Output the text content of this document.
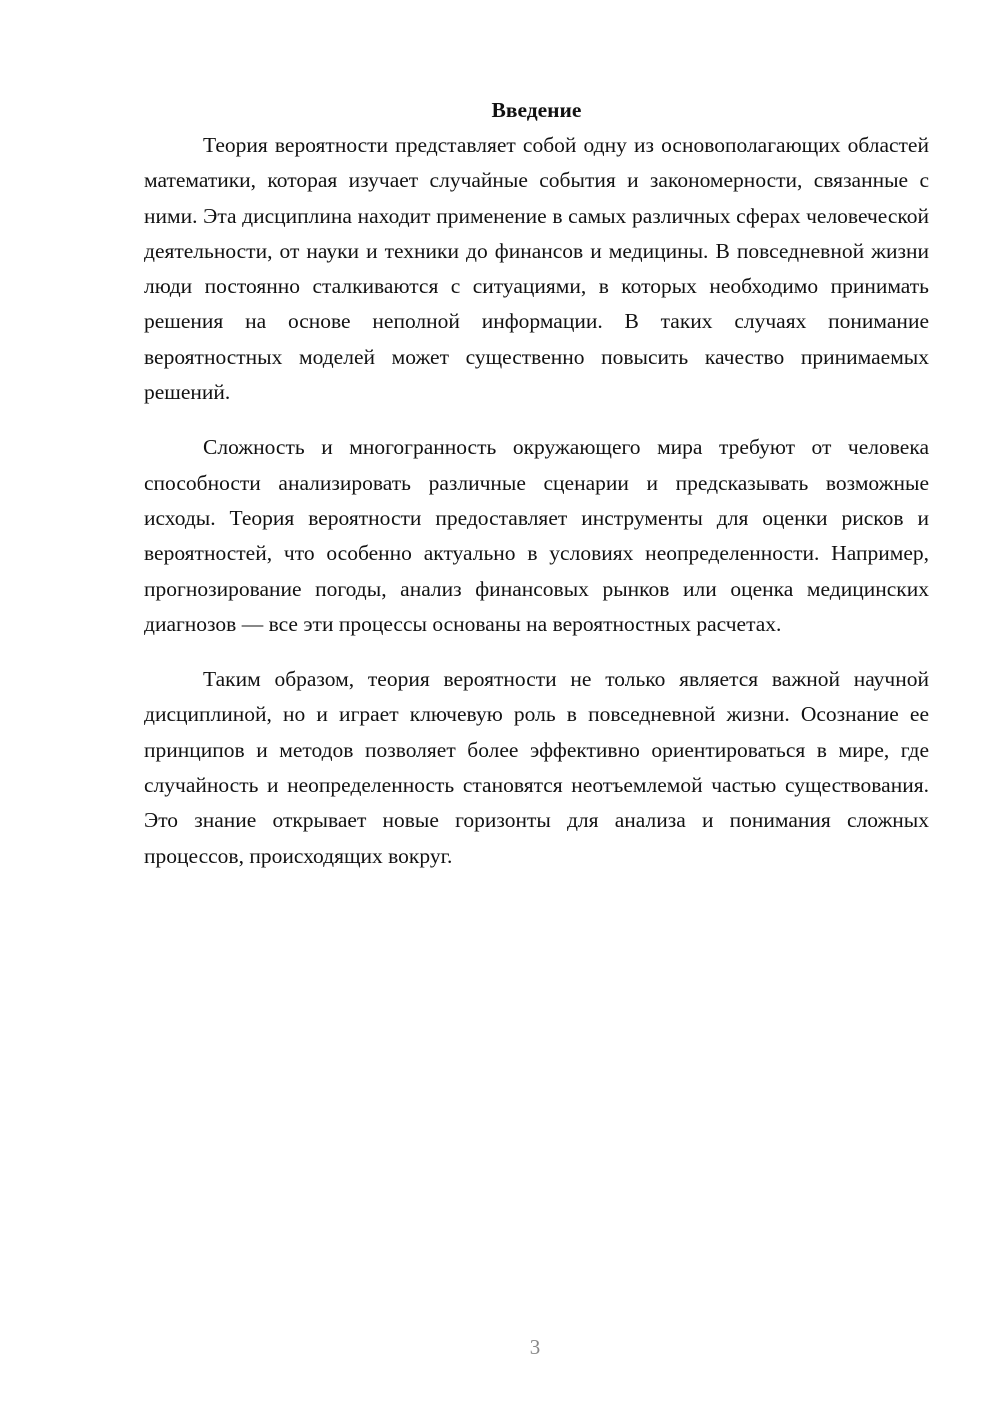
Введение

Теория вероятности представляет собой одну из основополагающих областей математики, которая изучает случайные события и закономерности, связанные с ними. Эта дисциплина находит применение в самых различных сферах человеческой деятельности, от науки и техники до финансов и медицины. В повседневной жизни люди постоянно сталкиваются с ситуациями, в которых необходимо принимать решения на основе неполной информации. В таких случаях понимание вероятностных моделей может существенно повысить качество принимаемых решений.

Сложность и многогранность окружающего мира требуют от человека способности анализировать различные сценарии и предсказывать возможные исходы. Теория вероятности предоставляет инструменты для оценки рисков и вероятностей, что особенно актуально в условиях неопределенности. Например, прогнозирование погоды, анализ финансовых рынков или оценка медицинских диагнозов — все эти процессы основаны на вероятностных расчетах.

Таким образом, теория вероятности не только является важной научной дисциплиной, но и играет ключевую роль в повседневной жизни. Осознание ее принципов и методов позволяет более эффективно ориентироваться в мире, где случайность и неопределенность становятся неотъемлемой частью существования. Это знание открывает новые горизонты для анализа и понимания сложных процессов, происходящих вокруг.

3
